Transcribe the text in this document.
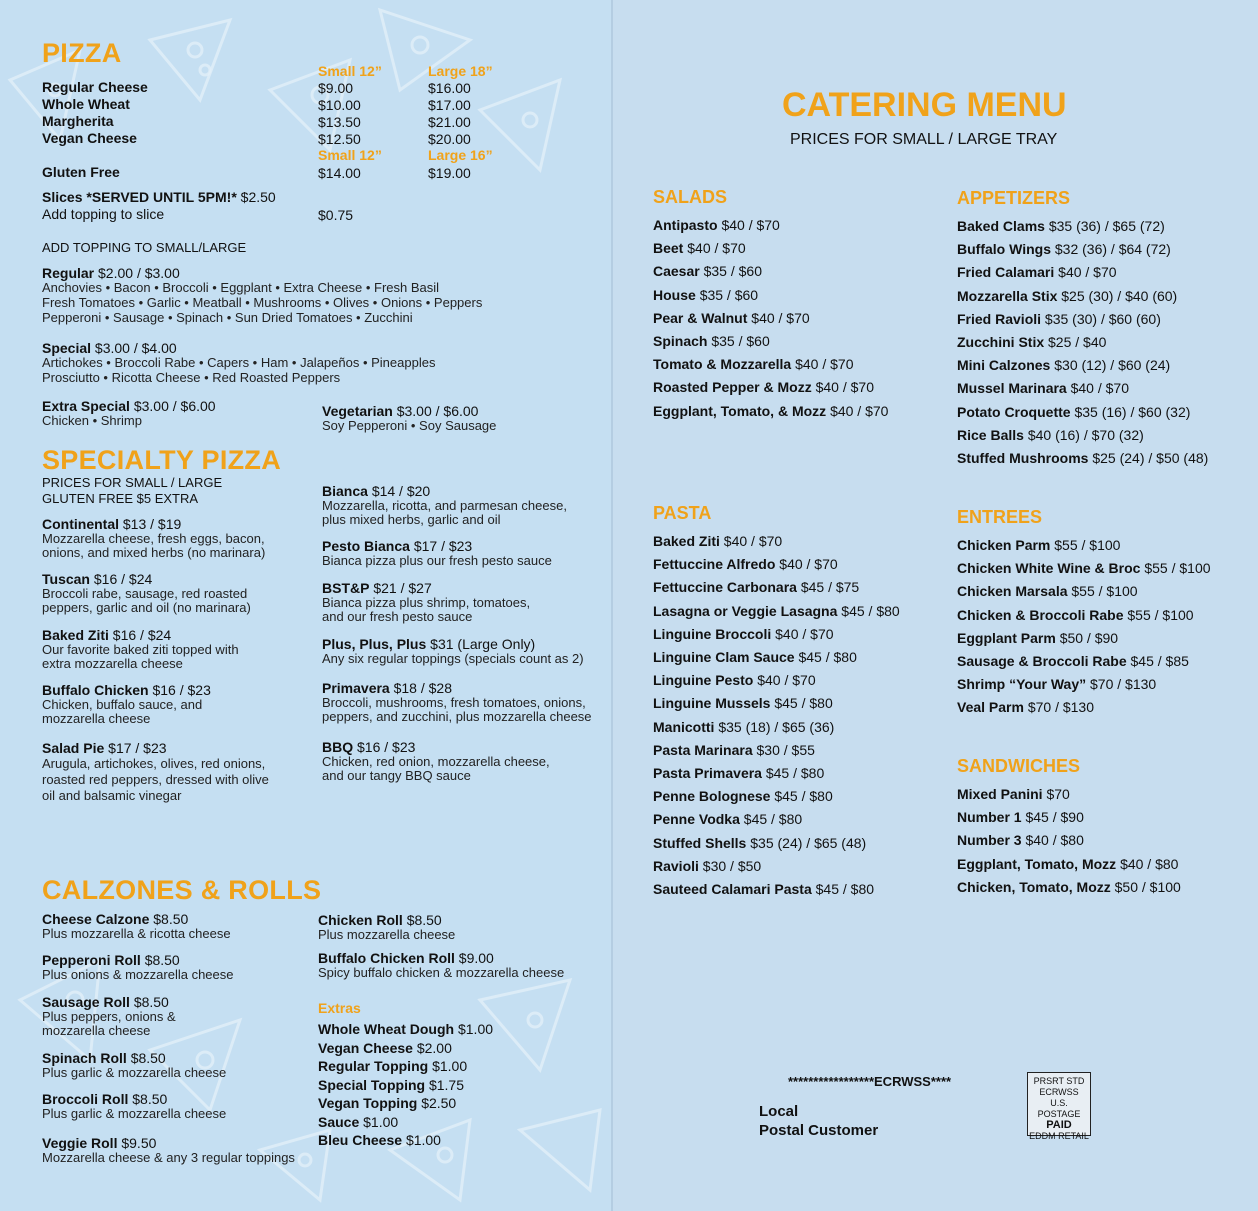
PIZZA
Small 12”	Large 18”
Regular Cheese	$9.00	$16.00
Whole Wheat	$10.00	$17.00
Margherita	$13.50	$21.00
Vegan Cheese	$12.50	$20.00
Small 12”	Large 16”
Gluten Free	$14.00	$19.00
Slices *SERVED UNTIL 5PM!* $2.50
Add topping to slice	$0.75
ADD TOPPING TO SMALL/LARGE
Regular $2.00 / $3.00
Anchovies • Bacon • Broccoli • Eggplant • Extra Cheese • Fresh Basil
Fresh Tomatoes • Garlic • Meatball • Mushrooms • Olives • Onions • Peppers
Pepperoni • Sausage • Spinach • Sun Dried Tomatoes • Zucchini
Special $3.00 / $4.00
Artichokes • Broccoli Rabe • Capers • Ham • Jalapeños • Pineapples
Prosciutto • Ricotta Cheese • Red Roasted Peppers
Extra Special $3.00 / $6.00
Chicken • Shrimp
Vegetarian $3.00 / $6.00
Soy Pepperoni • Soy Sausage
SPECIALTY PIZZA
PRICES FOR SMALL / LARGE
GLUTEN FREE $5 EXTRA
Continental $13 / $19
Mozzarella cheese, fresh eggs, bacon,
onions, and mixed herbs (no marinara)
Tuscan $16 / $24
Broccoli rabe, sausage, red roasted
peppers, garlic and oil (no marinara)
Baked Ziti $16 / $24
Our favorite baked ziti topped with
extra mozzarella cheese
Buffalo Chicken $16 / $23
Chicken, buffalo sauce, and
mozzarella cheese
Salad Pie $17 / $23
Arugula, artichokes, olives, red onions,
roasted red peppers, dressed with olive
oil and balsamic vinegar
Bianca $14 / $20
Mozzarella, ricotta, and parmesan cheese,
plus mixed herbs, garlic and oil
Pesto Bianca $17 / $23
Bianca pizza plus our fresh pesto sauce
BST&P $21 / $27
Bianca pizza plus shrimp, tomatoes,
and our fresh pesto sauce
Plus, Plus, Plus $31 (Large Only)
Any six regular toppings (specials count as 2)
Primavera $18 / $28
Broccoli, mushrooms, fresh tomatoes, onions,
peppers, and zucchini, plus mozzarella cheese
BBQ $16 / $23
Chicken, red onion, mozzarella cheese,
and our tangy BBQ sauce
CALZONES & ROLLS
Cheese Calzone $8.50
Plus mozzarella & ricotta cheese
Pepperoni Roll $8.50
Plus onions & mozzarella cheese
Sausage Roll $8.50
Plus peppers, onions &
mozzarella cheese
Spinach Roll $8.50
Plus garlic & mozzarella cheese
Broccoli Roll $8.50
Plus garlic & mozzarella cheese
Veggie Roll $9.50
Mozzarella cheese & any 3 regular toppings
Chicken Roll $8.50
Plus mozzarella cheese
Buffalo Chicken Roll $9.00
Spicy buffalo chicken & mozzarella cheese
Extras
Whole Wheat Dough $1.00
Vegan Cheese $2.00
Regular Topping $1.00
Special Topping $1.75
Vegan Topping $2.50
Sauce $1.00
Bleu Cheese $1.00
CATERING MENU
PRICES FOR SMALL / LARGE TRAY
SALADS
Antipasto $40 / $70
Beet $40 / $70
Caesar $35 / $60
House $35 / $60
Pear & Walnut $40 / $70
Spinach $35 / $60
Tomato & Mozzarella $40 / $70
Roasted Pepper & Mozz $40 / $70
Eggplant, Tomato, & Mozz $40 / $70
APPETIZERS
Baked Clams $35 (36) / $65 (72)
Buffalo Wings $32 (36) / $64 (72)
Fried Calamari $40 / $70
Mozzarella Stix $25 (30) / $40 (60)
Fried Ravioli $35 (30) / $60 (60)
Zucchini Stix $25 / $40
Mini Calzones $30 (12) / $60 (24)
Mussel Marinara $40 / $70
Potato Croquette $35 (16) / $60 (32)
Rice Balls $40 (16) / $70 (32)
Stuffed Mushrooms $25 (24) / $50 (48)
PASTA
Baked Ziti $40 / $70
Fettuccine Alfredo $40 / $70
Fettuccine Carbonara $45 / $75
Lasagna or Veggie Lasagna $45 / $80
Linguine Broccoli $40 / $70
Linguine Clam Sauce $45 / $80
Linguine Pesto $40 / $70
Linguine Mussels $45 / $80
Manicotti $35 (18) / $65 (36)
Pasta Marinara $30 / $55
Pasta Primavera $45 / $80
Penne Bolognese $45 / $80
Penne Vodka $45 / $80
Stuffed Shells $35 (24) / $65 (48)
Ravioli $30 / $50
Sauteed Calamari Pasta $45 / $80
ENTREES
Chicken Parm $55 / $100
Chicken White Wine & Broc $55 / $100
Chicken Marsala $55 / $100
Chicken & Broccoli Rabe $55 / $100
Eggplant Parm $50 / $90
Sausage & Broccoli Rabe $45 / $85
Shrimp “Your Way” $70 / $130
Veal Parm $70 / $130
SANDWICHES
Mixed Panini $70
Number 1 $45 / $90
Number 3 $40 / $80
Eggplant, Tomato, Mozz $40 / $80
Chicken, Tomato, Mozz $50 / $100
*****************ECRWSS****
Local
Postal Customer
PRSRT STD
ECRWSS
U.S. POSTAGE
PAID
EDDM RETAIL
